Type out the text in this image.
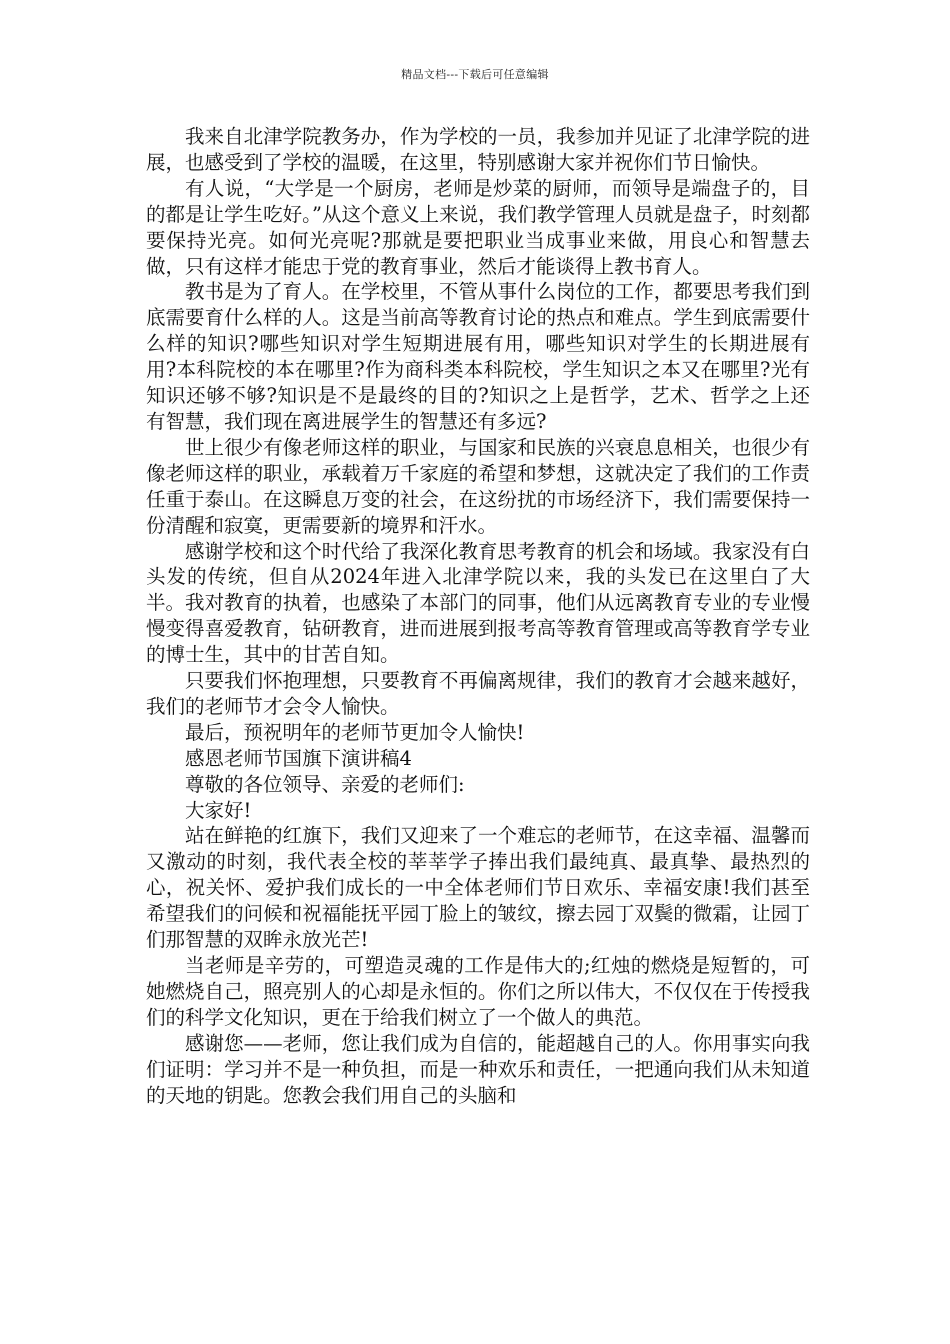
精品文档---下载后可任意编辑

我来自北津学院教务办，作为学校的一员，我参加并见证了北津学院的进展，也感受到了学校的温暖，在这里，特别感谢大家并祝你们节日愉快。

有人说，“大学是一个厨房，老师是炒菜的厨师，而领导是端盘子的，目的都是让学生吃好。”从这个意义上来说，我们教学管理人员就是盘子，时刻都要保持光亮。如何光亮呢?那就是要把职业当成事业来做，用良心和智慧去做，只有这样才能忠于党的教育事业，然后才能谈得上教书育人。

教书是为了育人。在学校里，不管从事什么岗位的工作，都要思考我们到底需要育什么样的人。这是当前高等教育讨论的热点和难点。学生到底需要什么样的知识?哪些知识对学生短期进展有用，哪些知识对学生的长期进展有用?本科院校的本在哪里?作为商科类本科院校，学生知识之本又在哪里?光有知识还够不够?知识是不是最终的目的?知识之上是哲学，艺术、哲学之上还有智慧，我们现在离进展学生的智慧还有多远?

世上很少有像老师这样的职业，与国家和民族的兴衰息息相关，也很少有像老师这样的职业，承载着万千家庭的希望和梦想，这就决定了我们的工作责任重于泰山。在这瞬息万变的社会，在这纷扰的市场经济下，我们需要保持一份清醒和寂寞，更需要新的境界和汗水。

感谢学校和这个时代给了我深化教育思考教育的机会和场域。我家没有白头发的传统，但自从2024年进入北津学院以来，我的头发已在这里白了大半。我对教育的执着，也感染了本部门的同事，他们从远离教育专业的专业慢慢变得喜爱教育，钻研教育，进而进展到报考高等教育管理或高等教育学专业的博士生，其中的甘苦自知。

只要我们怀抱理想，只要教育不再偏离规律，我们的教育才会越来越好，我们的老师节才会令人愉快。

最后，预祝明年的老师节更加令人愉快!

感恩老师节国旗下演讲稿4

尊敬的各位领导、亲爱的老师们:

大家好!

站在鲜艳的红旗下，我们又迎来了一个难忘的老师节，在这幸福、温馨而又激动的时刻，我代表全校的莘莘学子捧出我们最纯真、最真挚、最热烈的心，祝关怀、爱护我们成长的一中全体老师们节日欢乐、幸福安康!我们甚至希望我们的问候和祝福能抚平园丁脸上的皱纹，擦去园丁双鬓的微霜，让园丁们那智慧的双眸永放光芒!

当老师是辛劳的，可塑造灵魂的工作是伟大的;红烛的燃烧是短暂的，可她燃烧自己，照亮别人的心却是永恒的。你们之所以伟大，不仅仅在于传授我们的科学文化知识，更在于给我们树立了一个做人的典范。

感谢您——老师，您让我们成为自信的，能超越自己的人。你用事实向我们证明：学习并不是一种负担，而是一种欢乐和责任，一把通向我们从未知道的天地的钥匙。您教会我们用自己的头脑和
